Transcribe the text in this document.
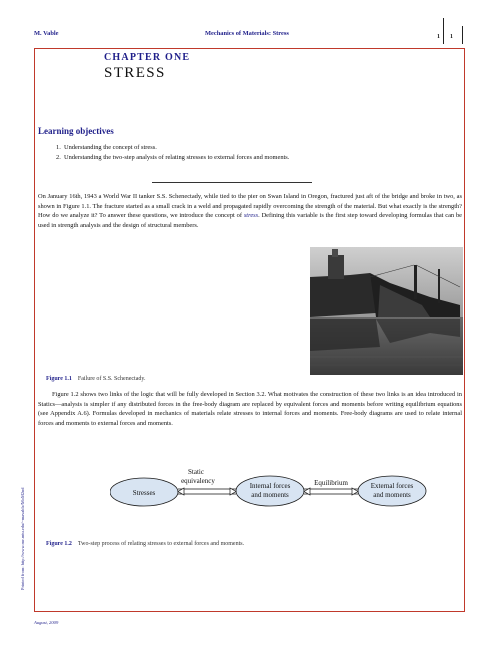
M. Vable	Mechanics of Materials: Stress	1 1
CHAPTER ONE
STRESS
Learning objectives
1. Understanding the concept of stress.
2. Understanding the two-step analysis of relating stresses to external forces and moments.

On January 16th, 1943 a World War II tanker S.S. Schenectady, while tied to the pier on Swan Island in Oregon, fractured just aft of the bridge and broke in two, as shown in Figure 1.1. The fracture started as a small crack in a weld and propagated rapidly overcoming the strength of the material. But what exactly is the strength? How do we analyze it? To answer these questions, we introduce the concept of stress. Defining this variable is the first step toward developing formulas that can be used in strength analysis and the design of structural members.

Figure 1.1 Failure of S.S. Schenectady.

Figure 1.2 shows two links of the logic that will be fully developed in Section 3.2. What motivates the construction of these two links is an idea introduced in Statics—analysis is simpler if any distributed forces in the free-body diagram are replaced by equivalent forces and moments before writing equilibrium equations (see Appendix A.6). Formulas developed in mechanics of materials relate stresses to internal forces and moments. Free-body diagrams are used to relate internal forces and moments to external forces and moments.

Stresses
Internal forces
and moments
External forces
and moments
Static
equivalency	Equilibrium
Figure 1.2 Two-step process of relating stresses to external forces and moments.
Printed from: http://www.me.mtu.edu/~mavable/MoM2nd
August, 2009
